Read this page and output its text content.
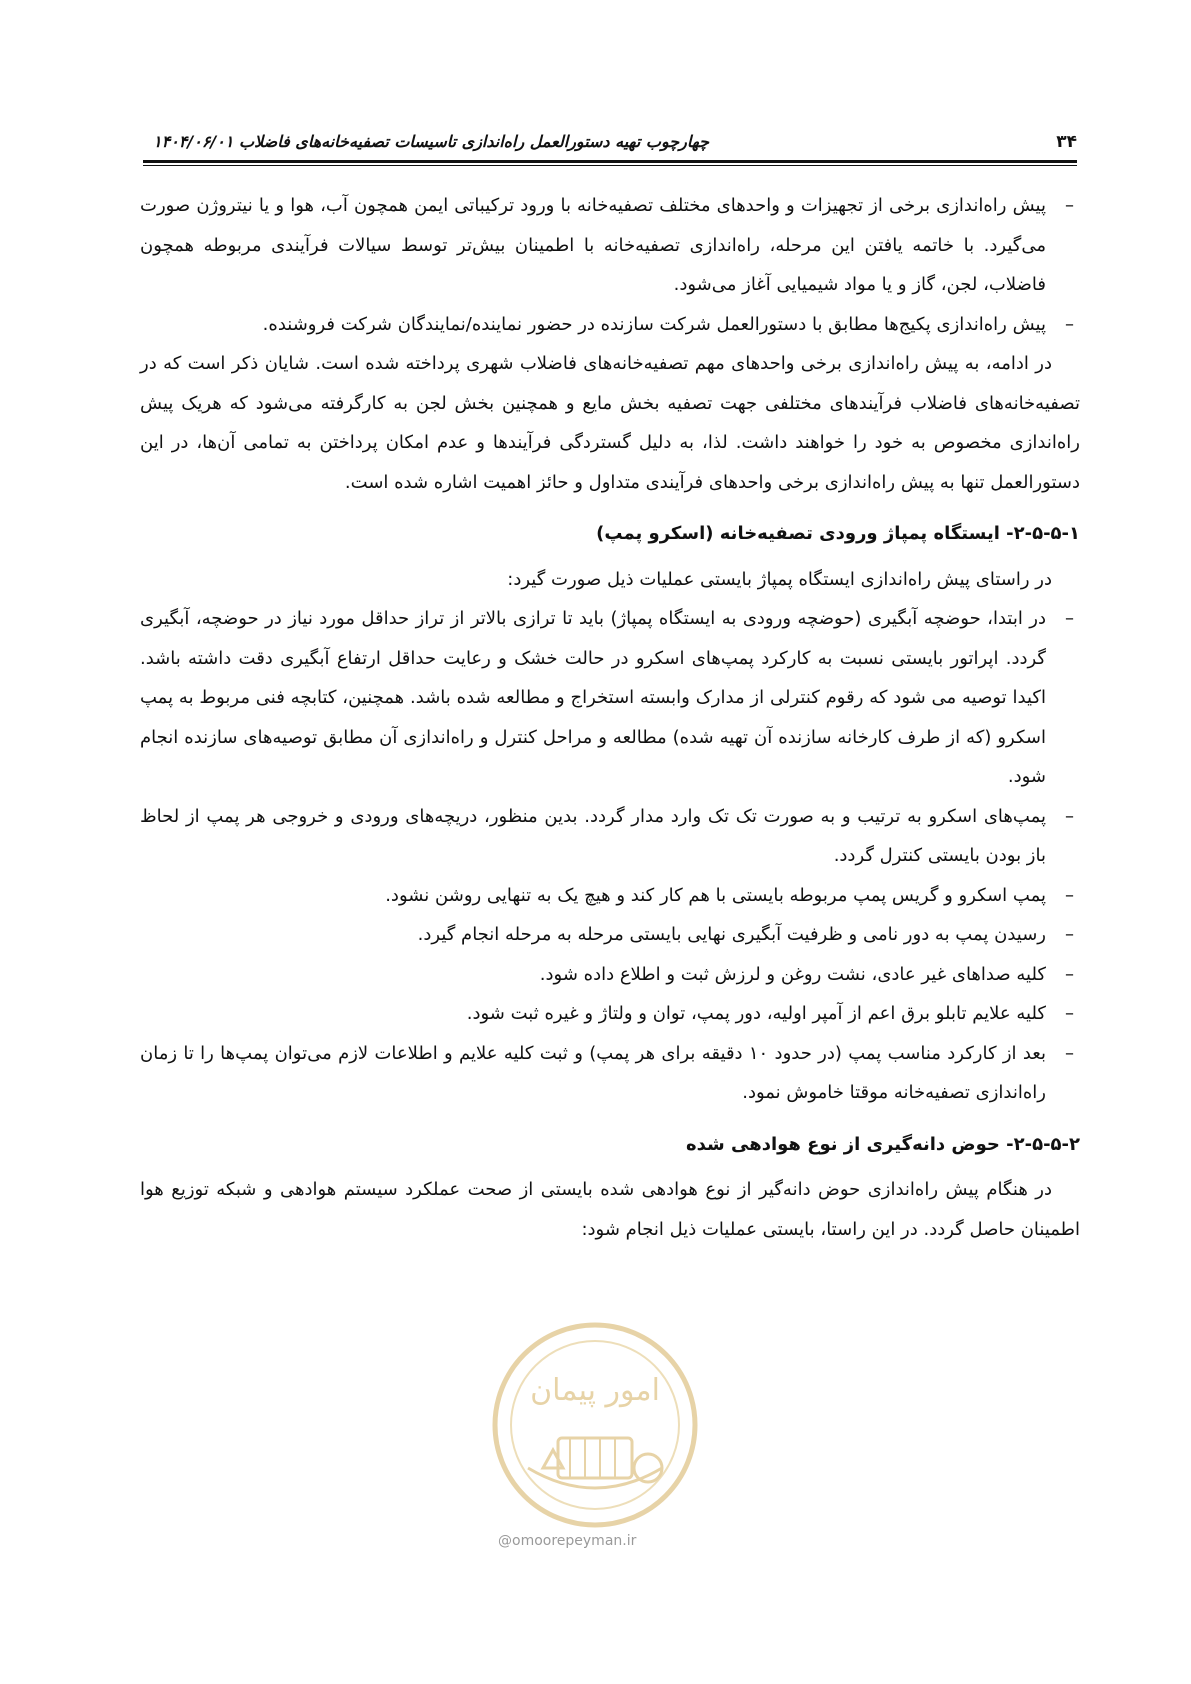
۳۴
چهارچوب تهیه دستورالعمل راه‌اندازی تاسیسات تصفیه‌خانه‌های فاضلاب ۱۴۰۴/۰۶/۰۱
–
پیش راه‌اندازی برخی از تجهیزات و واحدهای مختلف تصفیه‌خانه با ورود ترکیباتی ایمن همچون آب، هوا و یا نیتروژن صورت می‌گیرد. با خاتمه یافتن این مرحله، راه‌اندازی تصفیه‌خانه با اطمینان بیش‌تر توسط سیالات فرآیندی مربوطه همچون فاضلاب، لجن، گاز و یا مواد شیمیایی آغاز می‌شود.
–
پیش راه‌اندازی پکیج‌ها مطابق با دستورالعمل شرکت سازنده در حضور نماینده/نمایندگان شرکت فروشنده.
در ادامه، به پیش راه‌اندازی برخی واحدهای مهم تصفیه‌خانه‌های فاضلاب شهری پرداخته شده است. شایان ذکر است که در تصفیه‌خانه‌های فاضلاب فرآیندهای مختلفی جهت تصفیه بخش مایع و همچنین بخش لجن به کارگرفته می‌شود که هریک پیش راه‌اندازی مخصوص به خود را خواهند داشت. لذا، به دلیل گستردگی فرآیندها و عدم امکان پرداختن به تمامی آن‌ها، در این دستورالعمل تنها به پیش راه‌اندازی برخی واحدهای فرآیندی متداول و حائز اهمیت اشاره شده است.
۲-۵-۵-۱- ایستگاه پمپاژ ورودی تصفیه‌خانه (اسکرو پمپ)
در راستای پیش راه‌اندازی ایستگاه پمپاژ بایستی عملیات ذیل صورت گیرد:
–
در ابتدا، حوضچه آبگیری (حوضچه ورودی به ایستگاه پمپاژ) باید تا ترازی بالاتر از تراز حداقل مورد نیاز در حوضچه، آبگیری گردد. اپراتور بایستی نسبت به کارکرد پمپ‌های اسکرو در حالت خشک و رعایت حداقل ارتفاع آبگیری دقت داشته باشد. اکیدا توصیه می شود که رقوم کنترلی از مدارک وابسته استخراج و مطالعه شده باشد. همچنین، کتابچه فنی مربوط به پمپ اسکرو (که از طرف کارخانه سازنده آن تهیه شده) مطالعه و مراحل کنترل و راه‌اندازی آن مطابق توصیه‌های سازنده انجام شود.
–
پمپ‌های اسکرو به ترتیب و به صورت تک تک وارد مدار گردد. بدین منظور، دریچه‌های ورودی و خروجی هر پمپ از لحاظ باز بودن بایستی کنترل گردد.
–
پمپ اسکرو و گریس پمپ مربوطه بایستی با هم کار کند و هیچ یک به تنهایی روشن نشود.
–
رسیدن پمپ به دور نامی و ظرفیت آبگیری نهایی بایستی مرحله به مرحله انجام گیرد.
–
کلیه صداهای غیر عادی، نشت روغن و لرزش ثبت و اطلاع داده شود.
–
کلیه علایم تابلو برق اعم از آمپر اولیه، دور پمپ، توان و ولتاژ و غیره ثبت شود.
–
بعد از کارکرد مناسب پمپ (در حدود ۱۰ دقیقه برای هر پمپ) و ثبت کلیه علایم و اطلاعات لازم می‌توان پمپ‌ها را تا زمان راه‌اندازی تصفیه‌خانه موقتا خاموش نمود.
۲-۵-۵-۲- حوض دانه‌گیری از نوع هوادهی شده
در هنگام پیش راه‌اندازی حوض دانه‌گیر از نوع هوادهی شده بایستی از صحت عملکرد سیستم هوادهی و شبکه توزیع هوا اطمینان حاصل گردد. در این راستا، بایستی عملیات ذیل انجام شود:
امور پیمان
@omoorepeyman.ir
